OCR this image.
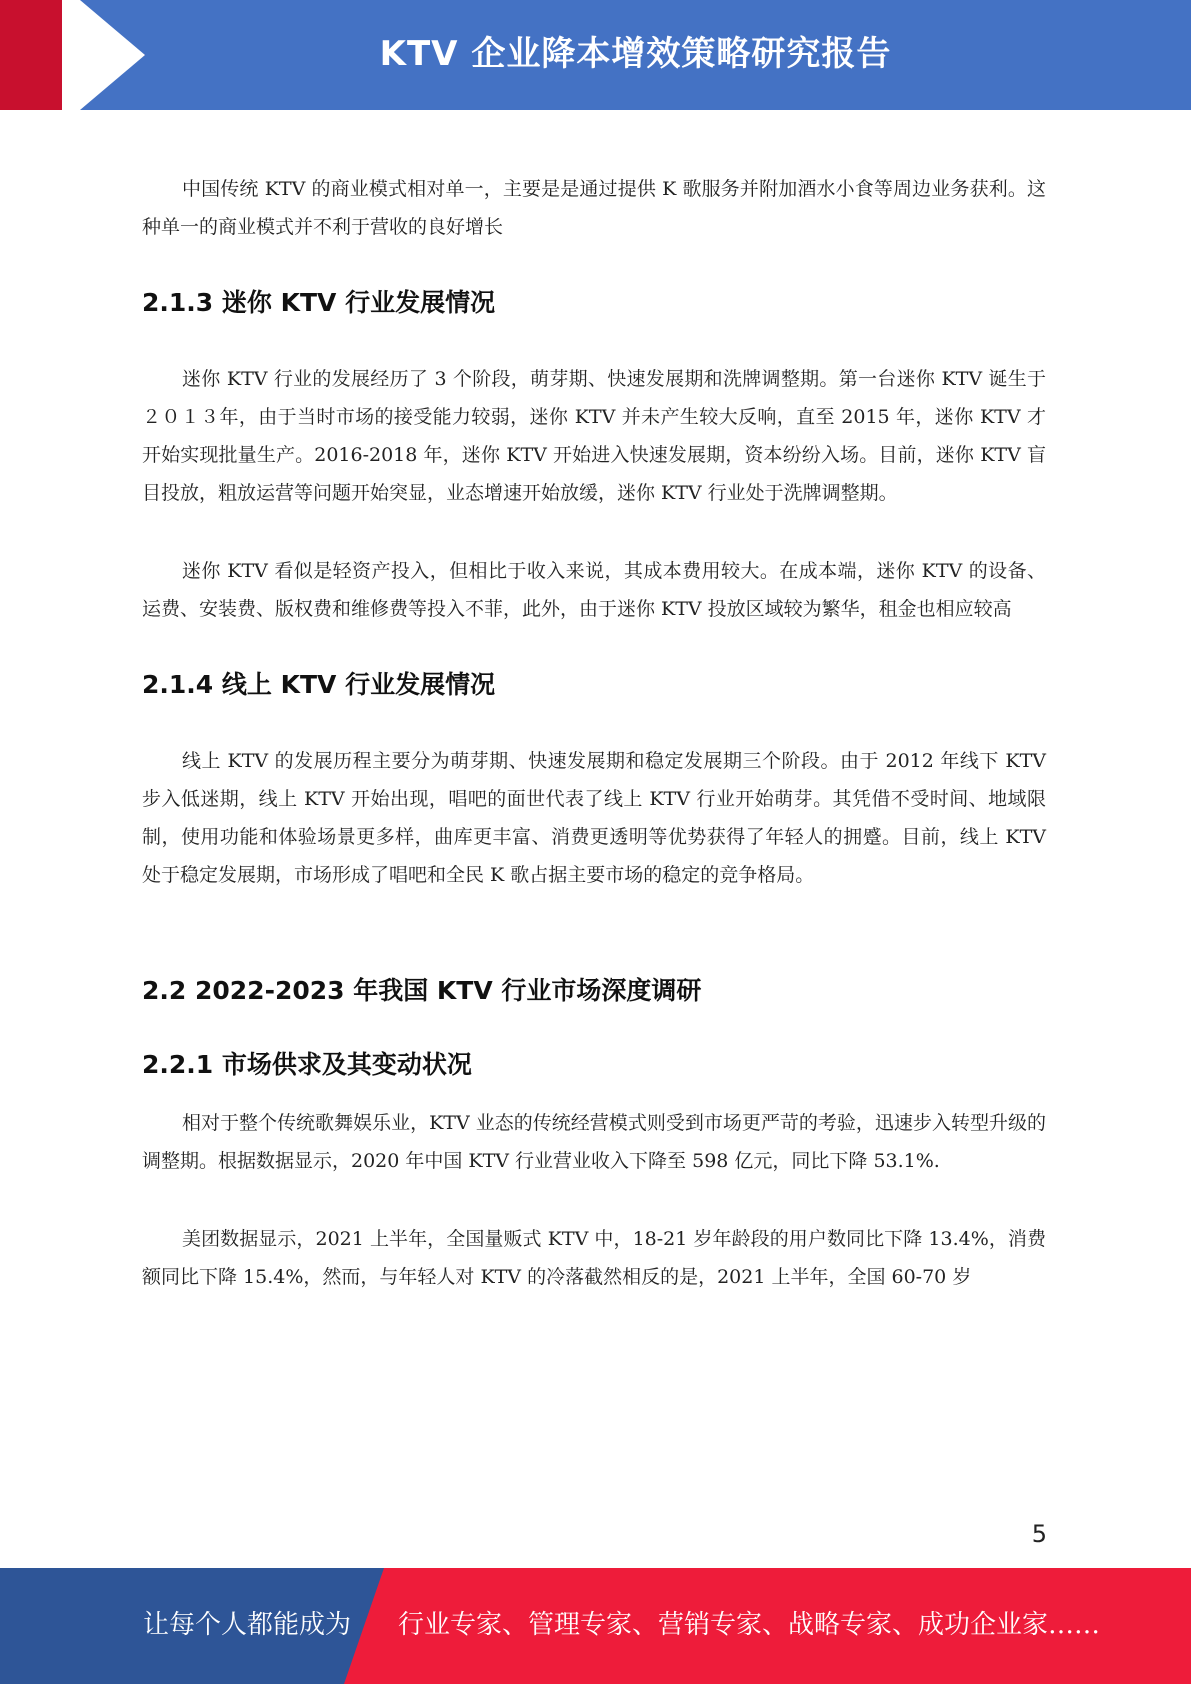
KTV 企业降本增效策略研究报告

中国传统 KTV 的商业模式相对单一，主要是是通过提供 K 歌服务并附加酒水小食等周边业务获利。这种单一的商业模式并不利于营收的良好增长

2.1.3 迷你 KTV 行业发展情况

迷你 KTV 行业的发展经历了 3 个阶段，萌芽期、快速发展期和洗牌调整期。第一台迷你 KTV 诞生于２０１３年，由于当时市场的接受能力较弱，迷你 KTV 并未产生较大反响，直至 2015 年，迷你 KTV 才开始实现批量生产。2016-2018 年，迷你 KTV 开始进入快速发展期，资本纷纷入场。目前，迷你 KTV 盲目投放，粗放运营等问题开始突显，业态增速开始放缓，迷你 KTV 行业处于洗牌调整期。

迷你 KTV 看似是轻资产投入，但相比于收入来说，其成本费用较大。在成本端，迷你 KTV 的设备、运费、安装费、版权费和维修费等投入不菲，此外，由于迷你 KTV 投放区域较为繁华，租金也相应较高

2.1.4 线上 KTV 行业发展情况

线上 KTV 的发展历程主要分为萌芽期、快速发展期和稳定发展期三个阶段。由于 2012 年线下 KTV 步入低迷期，线上 KTV 开始出现，唱吧的面世代表了线上 KTV 行业开始萌芽。其凭借不受时间、地域限制，使用功能和体验场景更多样，曲库更丰富、消费更透明等优势获得了年轻人的拥蹙。目前，线上 KTV 处于稳定发展期，市场形成了唱吧和全民 K 歌占据主要市场的稳定的竞争格局。

2.2 2022-2023 年我国 KTV 行业市场深度调研
2.2.1 市场供求及其变动状况

相对于整个传统歌舞娱乐业，KTV 业态的传统经营模式则受到市场更严苛的考验，迅速步入转型升级的调整期。根据数据显示，2020 年中国 KTV 行业营业收入下降至 598 亿元，同比下降 53.1%.

美团数据显示，2021 上半年，全国量贩式 KTV 中，18-21 岁年龄段的用户数同比下降 13.4%，消费额同比下降 15.4%，然而，与年轻人对 KTV 的冷落截然相反的是，2021 上半年，全国 60-70 岁

5
让每个人都能成为 行业专家、管理专家、营销专家、战略专家、成功企业家……
